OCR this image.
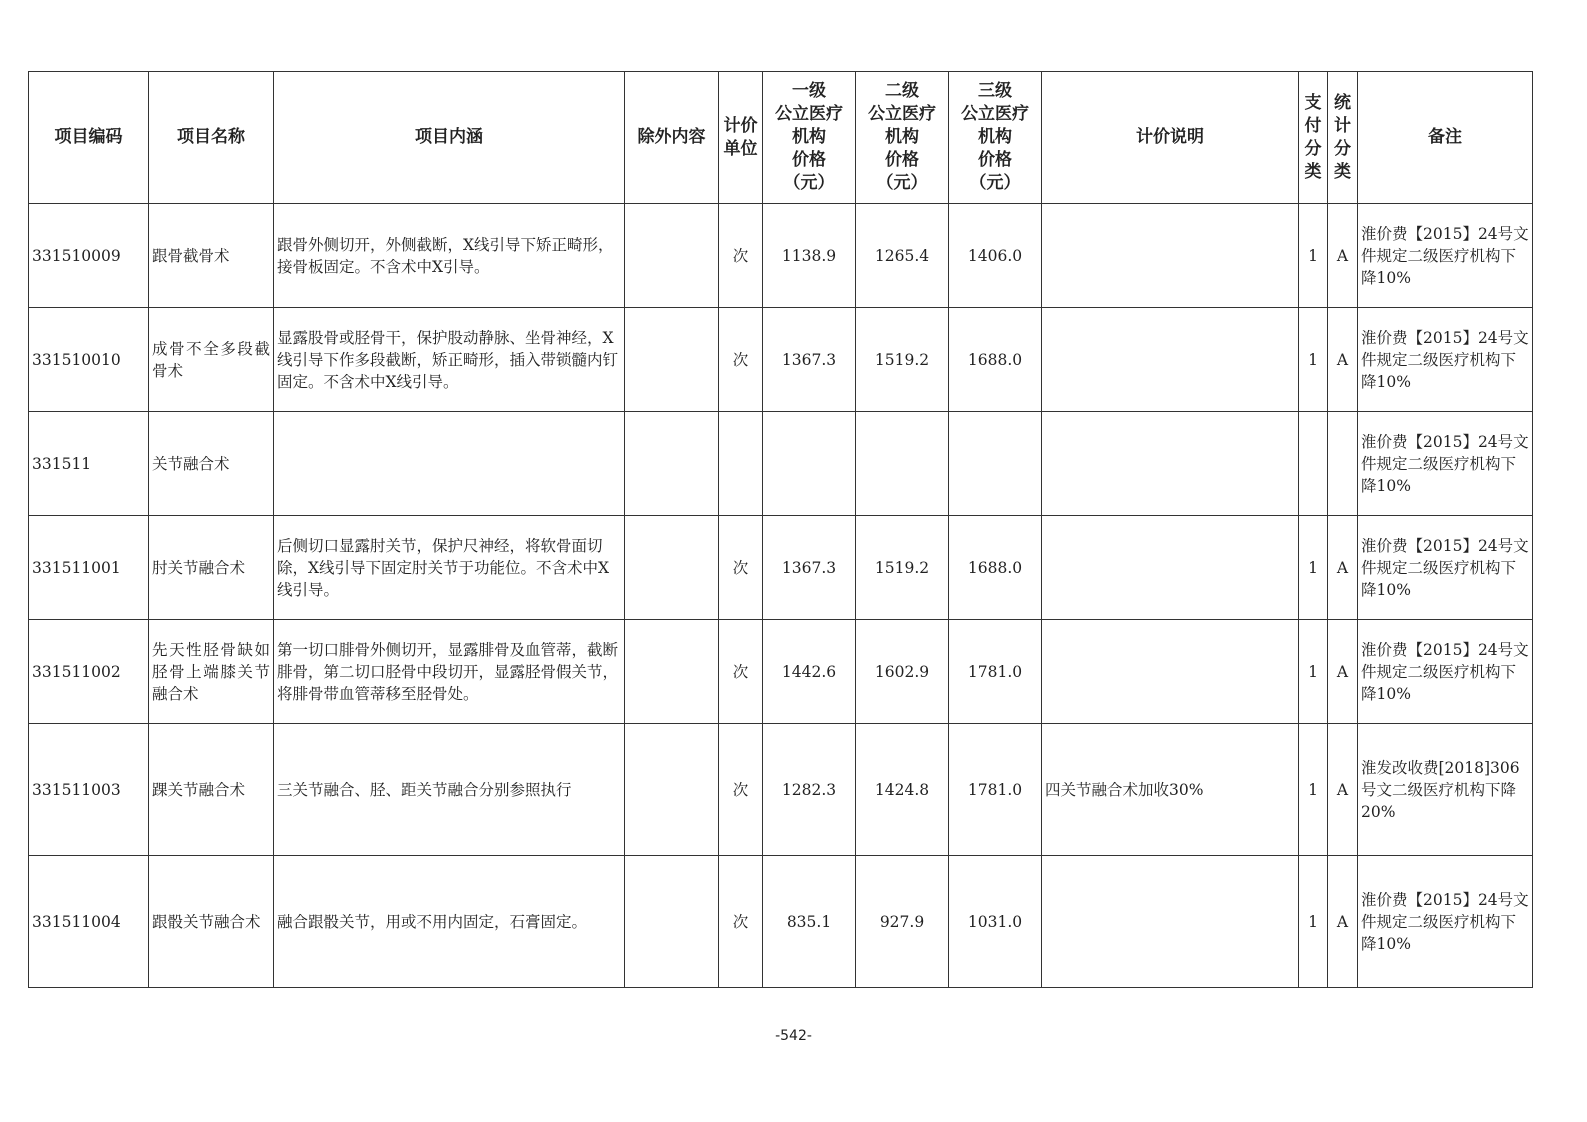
项目编码	项目名称	项目内涵	除外内容	计价单位	一级
公立医疗
机构
价格
（元）	二级
公立医疗
机构
价格
（元）	三级
公立医疗
机构
价格
（元）	计价说明	支付分类	统计分类	备注
331510009	跟骨截骨术	跟骨外侧切开，外侧截断，X线引导下矫正畸形，接骨板固定。不含术中X引导。		次	1138.9	1265.4	1406.0		1	A	淮价费【2015】24号文件规定二级医疗机构下降10%
331510010	成骨不全多段截骨术	显露股骨或胫骨干，保护股动静脉、坐骨神经，X线引导下作多段截断，矫正畸形，插入带锁髓内钉固定。不含术中X线引导。		次	1367.3	1519.2	1688.0		1	A	淮价费【2015】24号文件规定二级医疗机构下降10%
331511	关节融合术										淮价费【2015】24号文件规定二级医疗机构下降10%
331511001	肘关节融合术	后侧切口显露肘关节，保护尺神经，将软骨面切除，X线引导下固定肘关节于功能位。不含术中X线引导。		次	1367.3	1519.2	1688.0		1	A	淮价费【2015】24号文件规定二级医疗机构下降10%
331511002	先天性胫骨缺如胫骨上端膝关节融合术	第一切口腓骨外侧切开，显露腓骨及血管蒂，截断腓骨，第二切口胫骨中段切开，显露胫骨假关节，将腓骨带血管蒂移至胫骨处。		次	1442.6	1602.9	1781.0		1	A	淮价费【2015】24号文件规定二级医疗机构下降10%
331511003	踝关节融合术	三关节融合、胫、距关节融合分别参照执行		次	1282.3	1424.8	1781.0	四关节融合术加收30%	1	A	淮发改收费[2018]306号文二级医疗机构下降20%
331511004	跟骰关节融合术	融合跟骰关节，用或不用内固定，石膏固定。		次	835.1	927.9	1031.0		1	A	淮价费【2015】24号文件规定二级医疗机构下降10%
-542-
